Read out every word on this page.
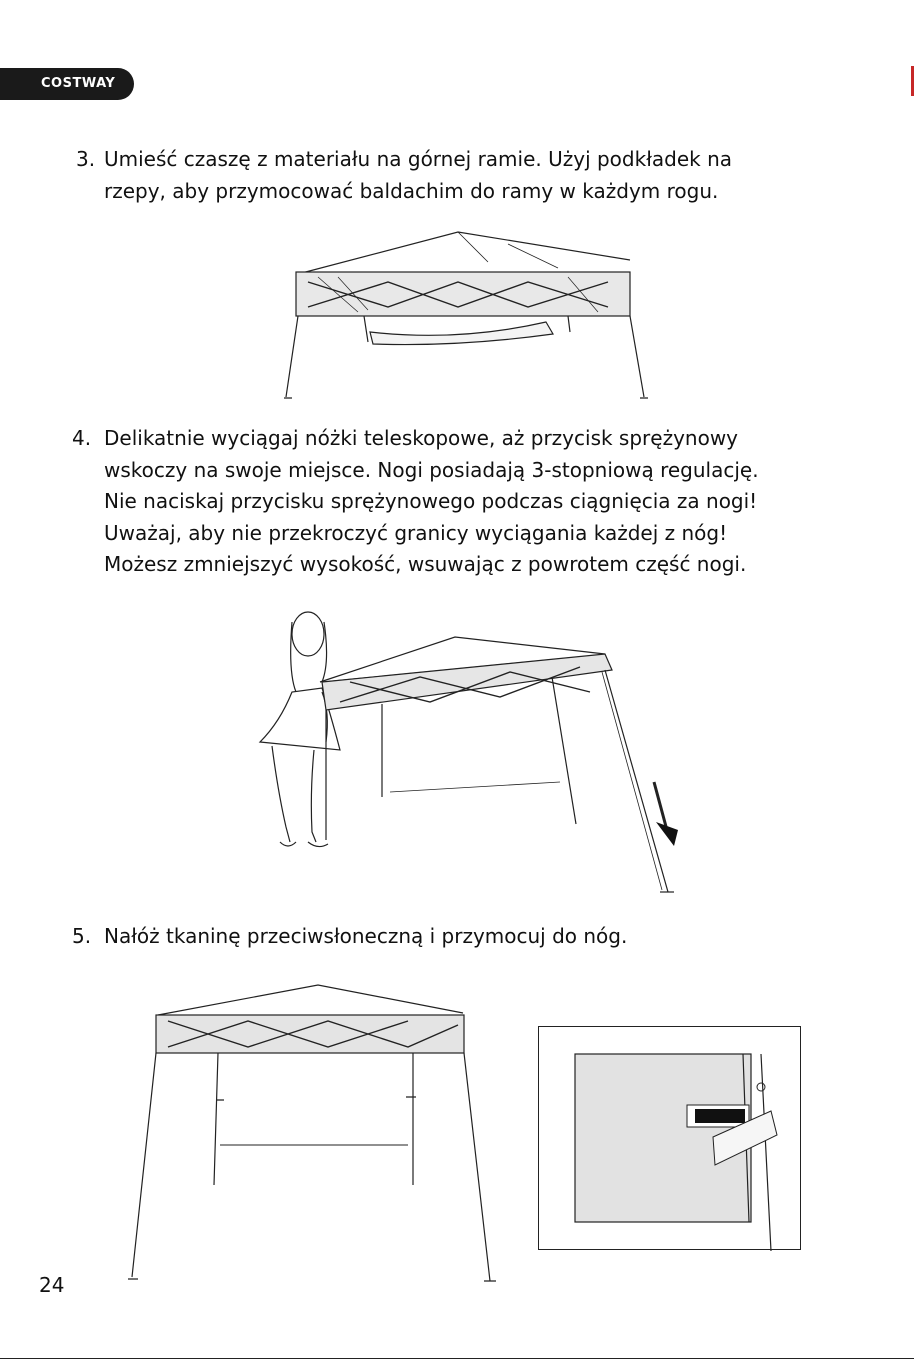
COSTWAY
3. Umieść czaszę z materiału na górnej ramie. Użyj podkładek na
rzepy, aby przymocować baldachim do ramy w każdym rogu.
4. Delikatnie wyciągaj nóżki teleskopowe, aż przycisk sprężynowy
wskoczy na swoje miejsce. Nogi posiadają 3-stopniową regulację.
Nie naciskaj przycisku sprężynowego podczas ciągnięcia za nogi!
Uważaj, aby nie przekroczyć granicy wyciągania każdej z nóg!
Możesz zmniejszyć wysokość, wsuwając z powrotem część nogi.
5. Nałóż tkaninę przeciwsłoneczną i przymocuj do nóg.
24
